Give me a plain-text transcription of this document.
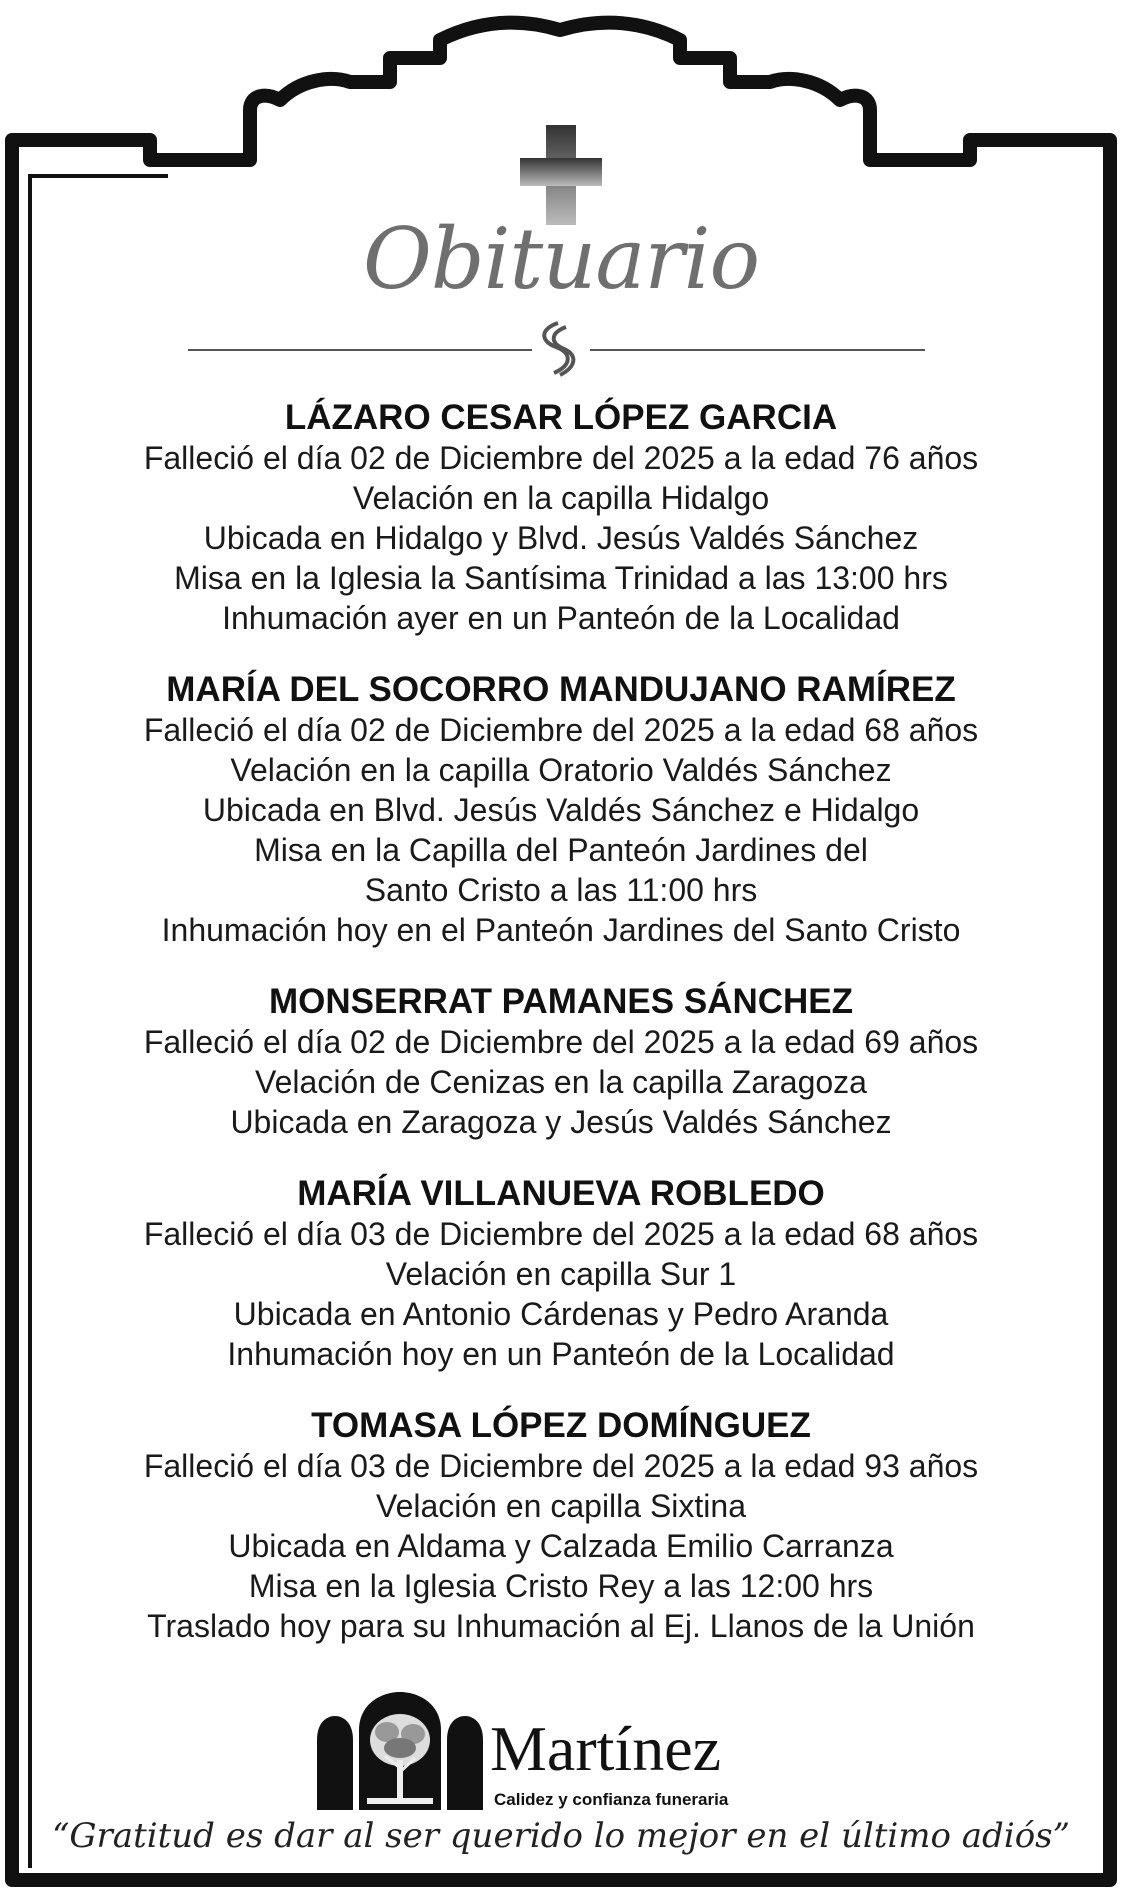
Obituario
LÁZARO CESAR LÓPEZ GARCIA
Falleció el día 02 de Diciembre del 2025 a la edad 76 años
Velación en la capilla Hidalgo
Ubicada en Hidalgo y Blvd. Jesús Valdés Sánchez
Misa en la Iglesia la Santísima Trinidad a las 13:00 hrs
Inhumación ayer en un Panteón de la Localidad
MARÍA DEL SOCORRO MANDUJANO RAMÍREZ
Falleció el día 02 de Diciembre del 2025 a la edad 68 años
Velación en la capilla Oratorio Valdés Sánchez
Ubicada en Blvd. Jesús Valdés Sánchez e Hidalgo
Misa en la Capilla del Panteón Jardines del
Santo Cristo a las 11:00 hrs
Inhumación hoy en el Panteón Jardines del Santo Cristo
MONSERRAT PAMANES SÁNCHEZ
Falleció el día 02 de Diciembre del 2025 a la edad 69 años
Velación de Cenizas en la capilla Zaragoza
Ubicada en Zaragoza y Jesús Valdés Sánchez
MARÍA VILLANUEVA ROBLEDO
Falleció el día 03 de Diciembre del 2025 a la edad 68 años
Velación en capilla Sur 1
Ubicada en Antonio Cárdenas y Pedro Aranda
Inhumación hoy en un Panteón de la Localidad
TOMASA LÓPEZ DOMÍNGUEZ
Falleció el día 03 de Diciembre del 2025 a la edad 93 años
Velación en capilla Sixtina
Ubicada en Aldama y Calzada Emilio Carranza
Misa en la Iglesia Cristo Rey a las 12:00 hrs
Traslado hoy para su Inhumación al Ej. Llanos de la Unión
Martínez
Calidez y confianza funeraria
“Gratitud es dar al ser querido lo mejor en el último adiós”
